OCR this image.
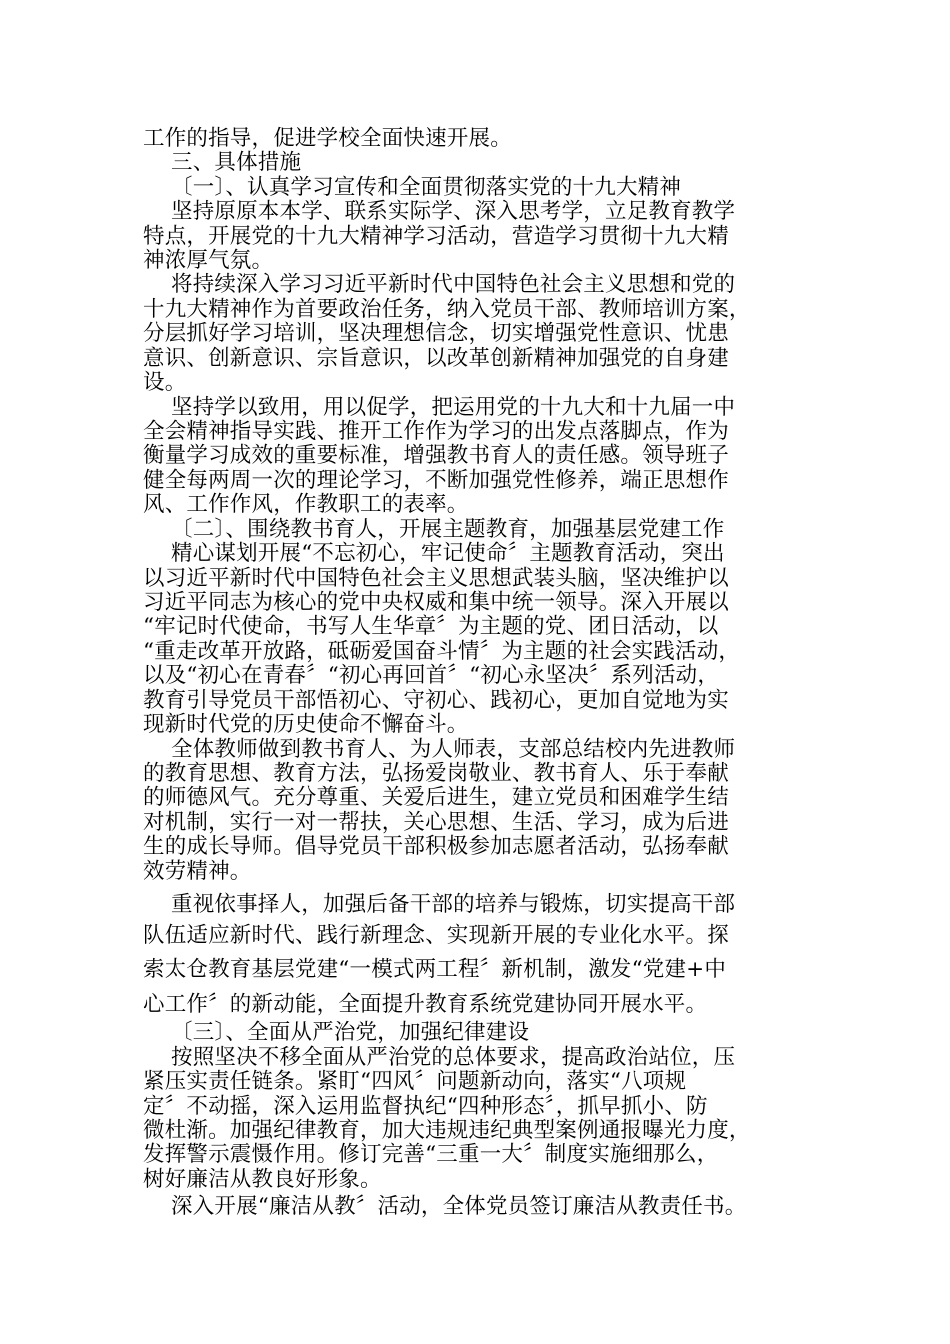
工作的指导，促进学校全面快速开展。
三、具体措施
〔一〕、认真学习宣传和全面贯彻落实党的十九大精神
坚持原原本本学、联系实际学、深入思考学，立足教育教学
特点，开展党的十九大精神学习活动，营造学习贯彻十九大精
神浓厚气氛。
将持续深入学习习近平新时代中国特色社会主义思想和党的
十九大精神作为首要政治任务，纳入党员干部、教师培训方案，
分层抓好学习培训，坚决理想信念，切实增强党性意识、忧患
意识、创新意识、宗旨意识，以改革创新精神加强党的自身建
设。
坚持学以致用，用以促学，把运用党的十九大和十九届一中
全会精神指导实践、推开工作作为学习的出发点落脚点，作为
衡量学习成效的重要标准，增强教书育人的责任感。领导班子
健全每两周一次的理论学习，不断加强党性修养，端正思想作
风、工作作风，作教职工的表率。
〔二〕、围绕教书育人，开展主题教育，加强基层党建工作
精心谋划开展“不忘初心，牢记使命〞主题教育活动，突出
以习近平新时代中国特色社会主义思想武装头脑，坚决维护以
习近平同志为核心的党中央权威和集中统一领导。深入开展以
“牢记时代使命，书写人生华章〞为主题的党、团日活动，以
“重走改革开放路，砥砺爱国奋斗情〞为主题的社会实践活动，
以及“初心在青春〞“初心再回首〞“初心永坚决〞系列活动，
教育引导党员干部悟初心、守初心、践初心，更加自觉地为实
现新时代党的历史使命不懈奋斗。
全体教师做到教书育人、为人师表，支部总结校内先进教师
的教育思想、教育方法，弘扬爱岗敬业、教书育人、乐于奉献
的师德风气。充分尊重、关爱后进生，建立党员和困难学生结
对机制，实行一对一帮扶，关心思想、生活、学习，成为后进
生的成长导师。倡导党员干部积极参加志愿者活动，弘扬奉献
效劳精神。
重视依事择人，加强后备干部的培养与锻炼，切实提高干部
队伍适应新时代、践行新理念、实现新开展的专业化水平。探
索太仓教育基层党建“一模式两工程〞新机制，激发“党建+中
心工作〞的新动能，全面提升教育系统党建协同开展水平。
〔三〕、全面从严治党，加强纪律建设
按照坚决不移全面从严治党的总体要求，提高政治站位，压
紧压实责任链条。紧盯“四风〞问题新动向，落实“八项规
定〞不动摇，深入运用监督执纪“四种形态〞，抓早抓小、防
微杜渐。加强纪律教育，加大违规违纪典型案例通报曝光力度，
发挥警示震慑作用。修订完善“三重一大〞制度实施细那么，
树好廉洁从教良好形象。
深入开展“廉洁从教〞活动，全体党员签订廉洁从教责任书。
